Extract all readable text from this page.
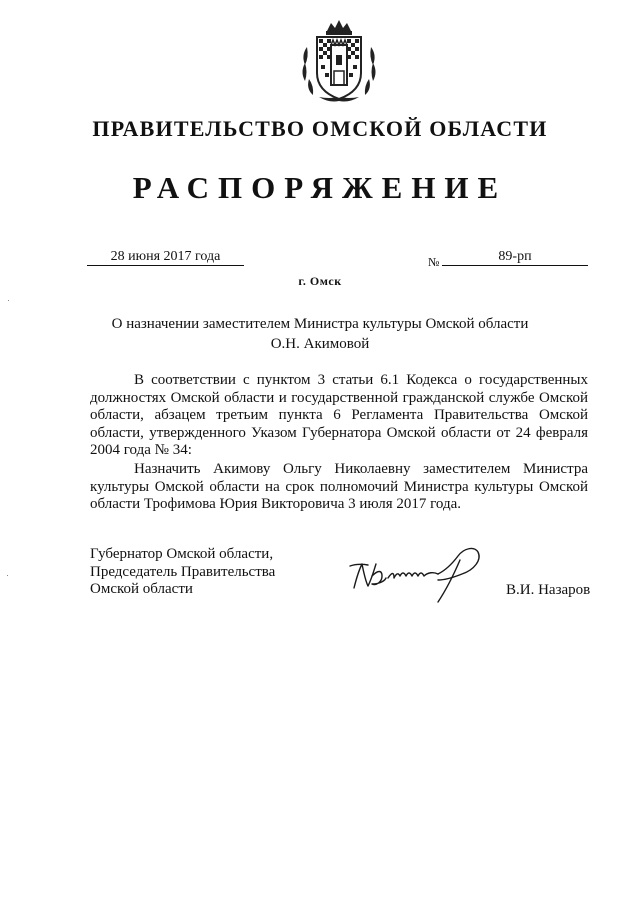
ПРАВИТЕЛЬСТВО ОМСКОЙ ОБЛАСТИ
РАСПОРЯЖЕНИЕ
28 июня 2017 года	№	89-рп
г. Омск
О назначении заместителем Министра культуры Омской области
О.Н. Акимовой

В соответствии с пунктом 3 статьи 6.1 Кодекса о государственных должностях Омской области и государственной гражданской службе Омской области, абзацем третьим пункта 6 Регламента Правительства Омской области, утвержденного Указом Губернатора Омской области от 24 февраля 2004 года № 34:

Назначить Акимову Ольгу Николаевну заместителем Министра культуры Омской области на срок полномочий Министра культуры Омской области Трофимова Юрия Викторовича 3 июля 2017 года.

Губернатор Омской области,
Председатель Правительства
Омской области	В.И. Назаров
